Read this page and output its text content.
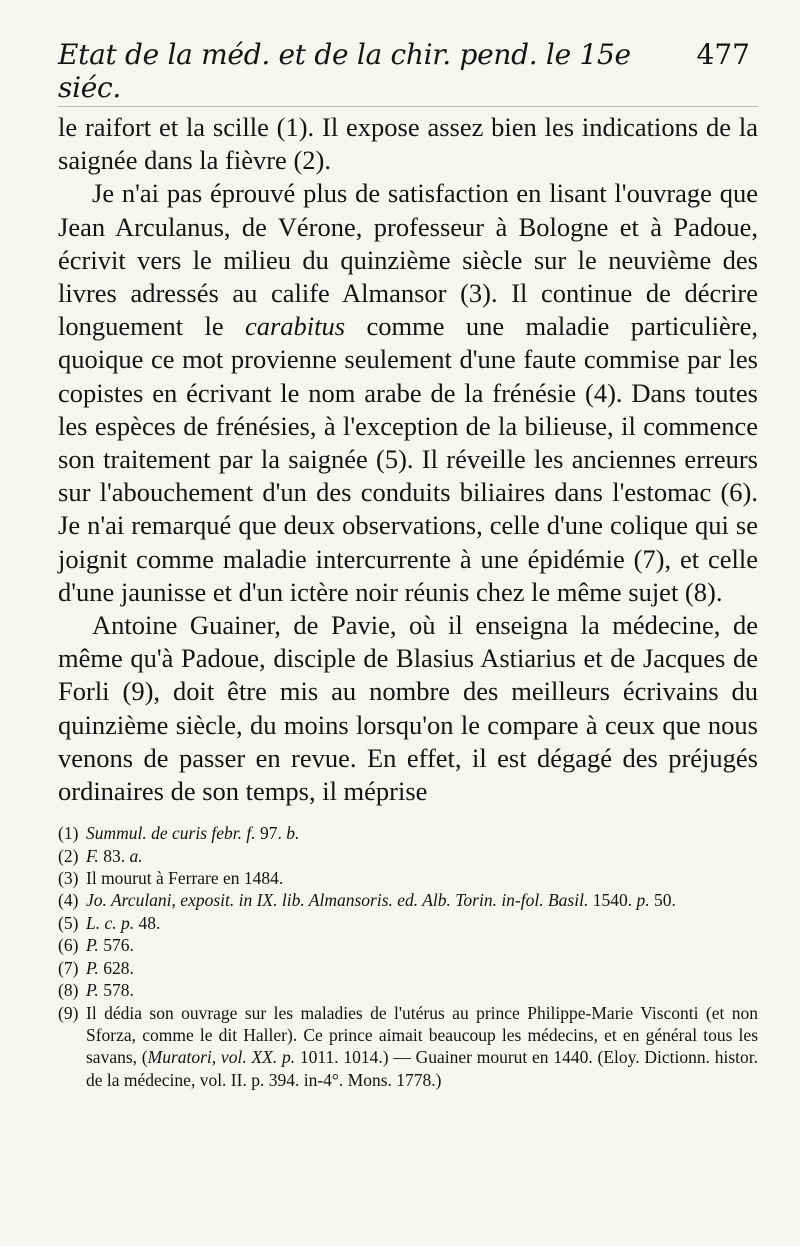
Etat de la méd. et de la chir. pend. le 15e siéc.
477

le raifort et la scille (1). Il expose assez bien les indications de la saignée dans la fièvre (2).

Je n'ai pas éprouvé plus de satisfaction en lisant l'ouvrage que Jean Arculanus, de Vérone, professeur à Bologne et à Padoue, écrivit vers le milieu du quinzième siècle sur le neuvième des livres adressés au calife Almansor (3). Il continue de décrire longuement le carabitus comme une maladie particulière, quoique ce mot provienne seulement d'une faute commise par les copistes en écrivant le nom arabe de la frénésie (4). Dans toutes les espèces de frénésies, à l'exception de la bilieuse, il commence son traitement par la saignée (5). Il réveille les anciennes erreurs sur l'abouchement d'un des conduits biliaires dans l'estomac (6). Je n'ai remarqué que deux observations, celle d'une colique qui se joignit comme maladie intercurrente à une épidémie (7), et celle d'une jaunisse et d'un ictère noir réunis chez le même sujet (8).

Antoine Guainer, de Pavie, où il enseigna la médecine, de même qu'à Padoue, disciple de Blasius Astiarius et de Jacques de Forli (9), doit être mis au nombre des meilleurs écrivains du quinzième siècle, du moins lorsqu'on le compare à ceux que nous venons de passer en revue. En effet, il est dégagé des préjugés ordinaires de son temps, il méprise

(1) Summul. de curis febr. f. 97. b.
(2) F. 83. a.
(3) Il mourut à Ferrare en 1484.
(4) Jo. Arculani, exposit. in IX. lib. Almansoris. ed. Alb. Torin. in-fol. Basil. 1540. p. 50.
(5) L. c. p. 48.
(6) P. 576.
(7) P. 628.
(8) P. 578.
(9) Il dédia son ouvrage sur les maladies de l'utérus au prince Philippe-Marie Visconti (et non Sforza, comme le dit Haller). Ce prince aimait beaucoup les médecins, et en général tous les savans, (Muratori, vol. XX. p. 1011. 1014.) — Guainer mourut en 1440. (Eloy. Dictionn. histor. de la médecine, vol. II. p. 394. in-4°. Mons. 1778.)
